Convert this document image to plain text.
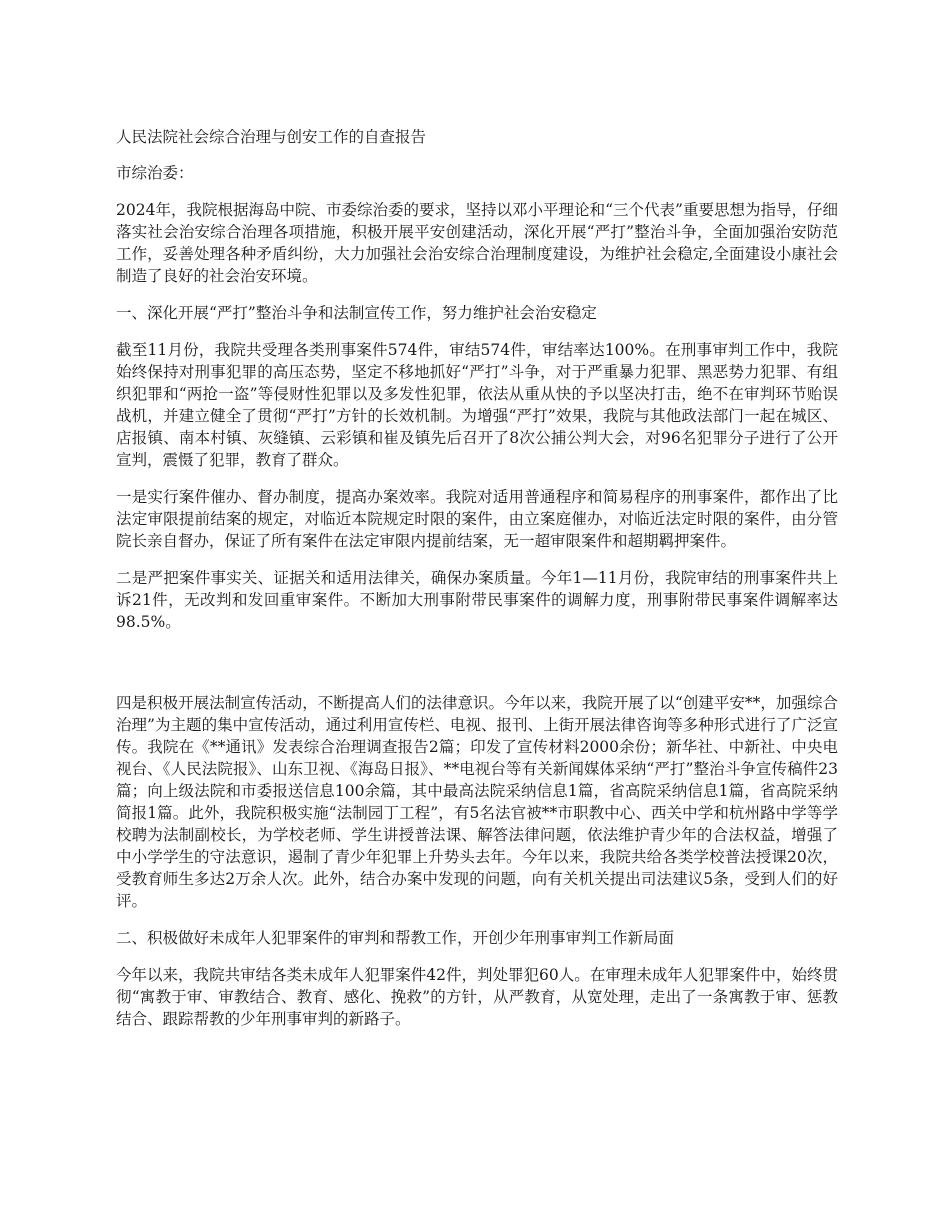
人民法院社会综合治理与创安工作的自查报告

市综治委：

2024年，我院根据海岛中院、市委综治委的要求，坚持以邓小平理论和“三个代表”重要思想为指导，仔细落实社会治安综合治理各项措施，积极开展平安创建活动，深化开展“严打”整治斗争，全面加强治安防范工作，妥善处理各种矛盾纠纷，大力加强社会治安综合治理制度建设，为维护社会稳定,全面建设小康社会制造了良好的社会治安环境。

一、深化开展“严打”整治斗争和法制宣传工作，努力维护社会治安稳定

截至11月份，我院共受理各类刑事案件574件，审结574件，审结率达100%。在刑事审判工作中，我院始终保持对刑事犯罪的高压态势，坚定不移地抓好“严打”斗争，对于严重暴力犯罪、黑恶势力犯罪、有组织犯罪和“两抢一盗”等侵财性犯罪以及多发性犯罪，依法从重从快的予以坚决打击，绝不在审判环节贻误战机，并建立健全了贯彻“严打”方针的长效机制。为增强“严打”效果，我院与其他政法部门一起在城区、店报镇、南本村镇、灰缝镇、云彩镇和崔及镇先后召开了8次公捕公判大会，对96名犯罪分子进行了公开宣判，震慑了犯罪，教育了群众。

一是实行案件催办、督办制度，提高办案效率。我院对适用普通程序和简易程序的刑事案件，都作出了比法定审限提前结案的规定，对临近本院规定时限的案件，由立案庭催办，对临近法定时限的案件，由分管院长亲自督办，保证了所有案件在法定审限内提前结案，无一超审限案件和超期羁押案件。

二是严把案件事实关、证据关和适用法律关，确保办案质量。今年1—11月份，我院审结的刑事案件共上诉21件，无改判和发回重审案件。不断加大刑事附带民事案件的调解力度，刑事附带民事案件调解率达98.5%。

四是积极开展法制宣传活动，不断提高人们的法律意识。今年以来，我院开展了以“创建平安**，加强综合治理”为主题的集中宣传活动，通过利用宣传栏、电视、报刊、上街开展法律咨询等多种形式进行了广泛宣传。我院在《**通讯》发表综合治理调查报告2篇；印发了宣传材料2000余份；新华社、中新社、中央电视台、《人民法院报》、山东卫视、《海岛日报》、**电视台等有关新闻媒体采纳“严打”整治斗争宣传稿件23篇；向上级法院和市委报送信息100余篇，其中最高法院采纳信息1篇，省高院采纳信息1篇，省高院采纳简报1篇。此外，我院积极实施“法制园丁工程”，有5名法官被**市职教中心、西关中学和杭州路中学等学校聘为法制副校长，为学校老师、学生讲授普法课、解答法律问题，依法维护青少年的合法权益，增强了中小学学生的守法意识，遏制了青少年犯罪上升势头去年。今年以来，我院共给各类学校普法授课20次，受教育师生多达2万余人次。此外，结合办案中发现的问题，向有关机关提出司法建议5条，受到人们的好评。

二、积极做好未成年人犯罪案件的审判和帮教工作，开创少年刑事审判工作新局面

今年以来，我院共审结各类未成年人犯罪案件42件，判处罪犯60人。在审理未成年人犯罪案件中，始终贯彻“寓教于审、审教结合、教育、感化、挽救”的方针，从严教育，从宽处理，走出了一条寓教于审、惩教结合、跟踪帮教的少年刑事审判的新路子。
